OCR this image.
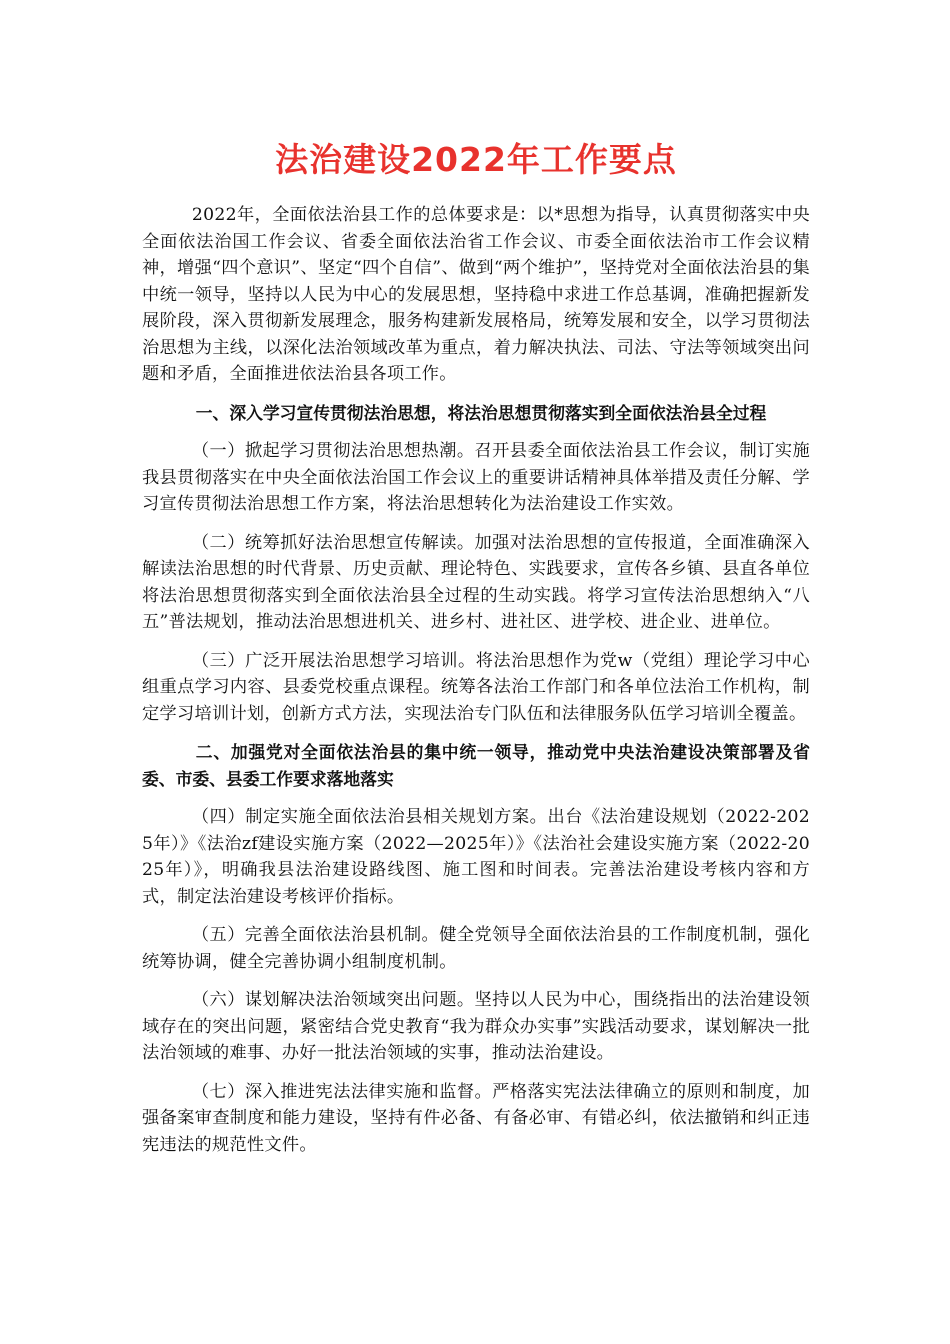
法治建设2022年工作要点

2022年，全面依法治县工作的总体要求是：以*思想为指导，认真贯彻落实中央全面依法治国工作会议、省委全面依法治省工作会议、市委全面依法治市工作会议精神，增强“四个意识”、坚定“四个自信”、做到“两个维护”，坚持党对全面依法治县的集中统一领导，坚持以人民为中心的发展思想，坚持稳中求进工作总基调，准确把握新发展阶段，深入贯彻新发展理念，服务构建新发展格局，统筹发展和安全，以学习贯彻法治思想为主线，以深化法治领域改革为重点，着力解决执法、司法、守法等领域突出问题和矛盾，全面推进依法治县各项工作。

一、深入学习宣传贯彻法治思想，将法治思想贯彻落实到全面依法治县全过程

（一）掀起学习贯彻法治思想热潮。召开县委全面依法治县工作会议，制订实施我县贯彻落实在中央全面依法治国工作会议上的重要讲话精神具体举措及责任分解、学习宣传贯彻法治思想工作方案，将法治思想转化为法治建设工作实效。

（二）统筹抓好法治思想宣传解读。加强对法治思想的宣传报道，全面准确深入解读法治思想的时代背景、历史贡献、理论特色、实践要求，宣传各乡镇、县直各单位将法治思想贯彻落实到全面依法治县全过程的生动实践。将学习宣传法治思想纳入“八五”普法规划，推动法治思想进机关、进乡村、进社区、进学校、进企业、进单位。

（三）广泛开展法治思想学习培训。将法治思想作为党w（党组）理论学习中心组重点学习内容、县委党校重点课程。统筹各法治工作部门和各单位法治工作机构，制定学习培训计划，创新方式方法，实现法治专门队伍和法律服务队伍学习培训全覆盖。

二、加强党对全面依法治县的集中统一领导，推动党中央法治建设决策部署及省委、市委、县委工作要求落地落实

（四）制定实施全面依法治县相关规划方案。出台《法治建设规划（2022-2025年）》《法治zf建设实施方案（2022—2025年）》《法治社会建设实施方案（2022-2025年）》，明确我县法治建设路线图、施工图和时间表。完善法治建设考核内容和方式，制定法治建设考核评价指标。

（五）完善全面依法治县机制。健全党领导全面依法治县的工作制度机制，强化统筹协调，健全完善协调小组制度机制。

（六）谋划解决法治领域突出问题。坚持以人民为中心，围绕指出的法治建设领域存在的突出问题，紧密结合党史教育“我为群众办实事”实践活动要求，谋划解决一批法治领域的难事、办好一批法治领域的实事，推动法治建设。

（七）深入推进宪法法律实施和监督。严格落实宪法法律确立的原则和制度，加强备案审查制度和能力建设，坚持有件必备、有备必审、有错必纠，依法撤销和纠正违宪违法的规范性文件。
